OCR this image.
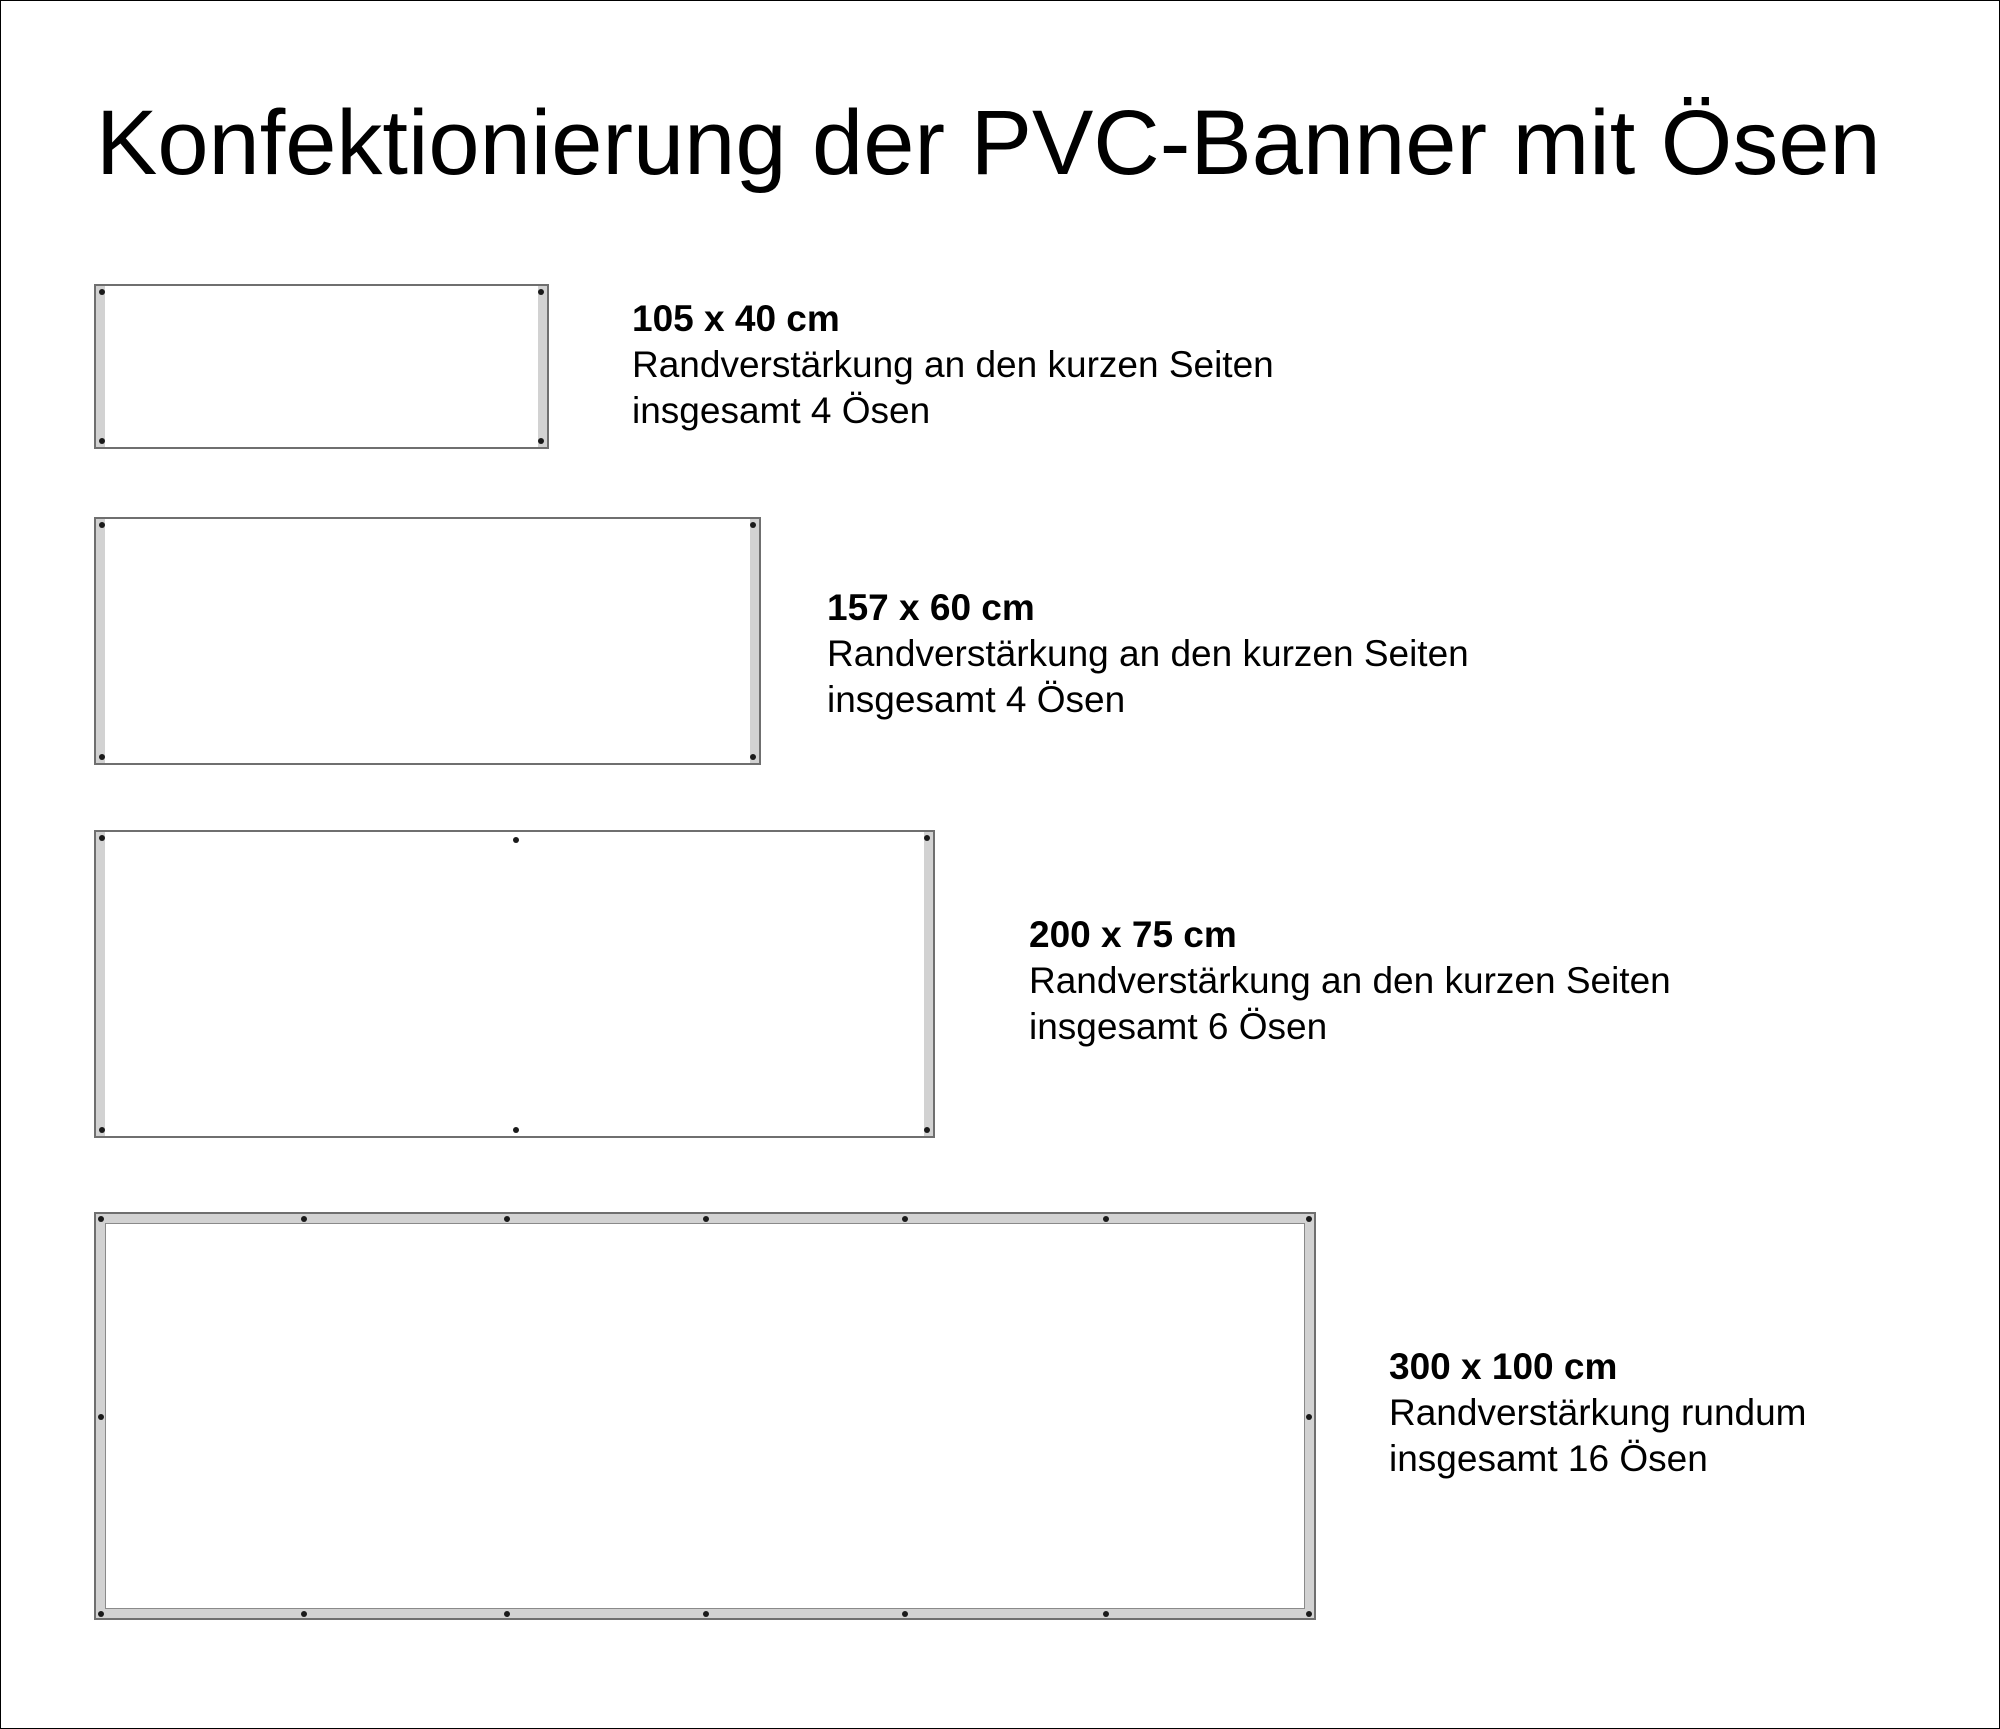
Konfektionierung der PVC-Banner mit Ösen
105 x 40 cm
Randverstärkung an den kurzen Seiten
insgesamt 4 Ösen
157 x 60 cm
Randverstärkung an den kurzen Seiten
insgesamt 4 Ösen
200 x 75 cm
Randverstärkung an den kurzen Seiten
insgesamt 6 Ösen
300 x 100 cm
Randverstärkung rundum
insgesamt 16 Ösen
